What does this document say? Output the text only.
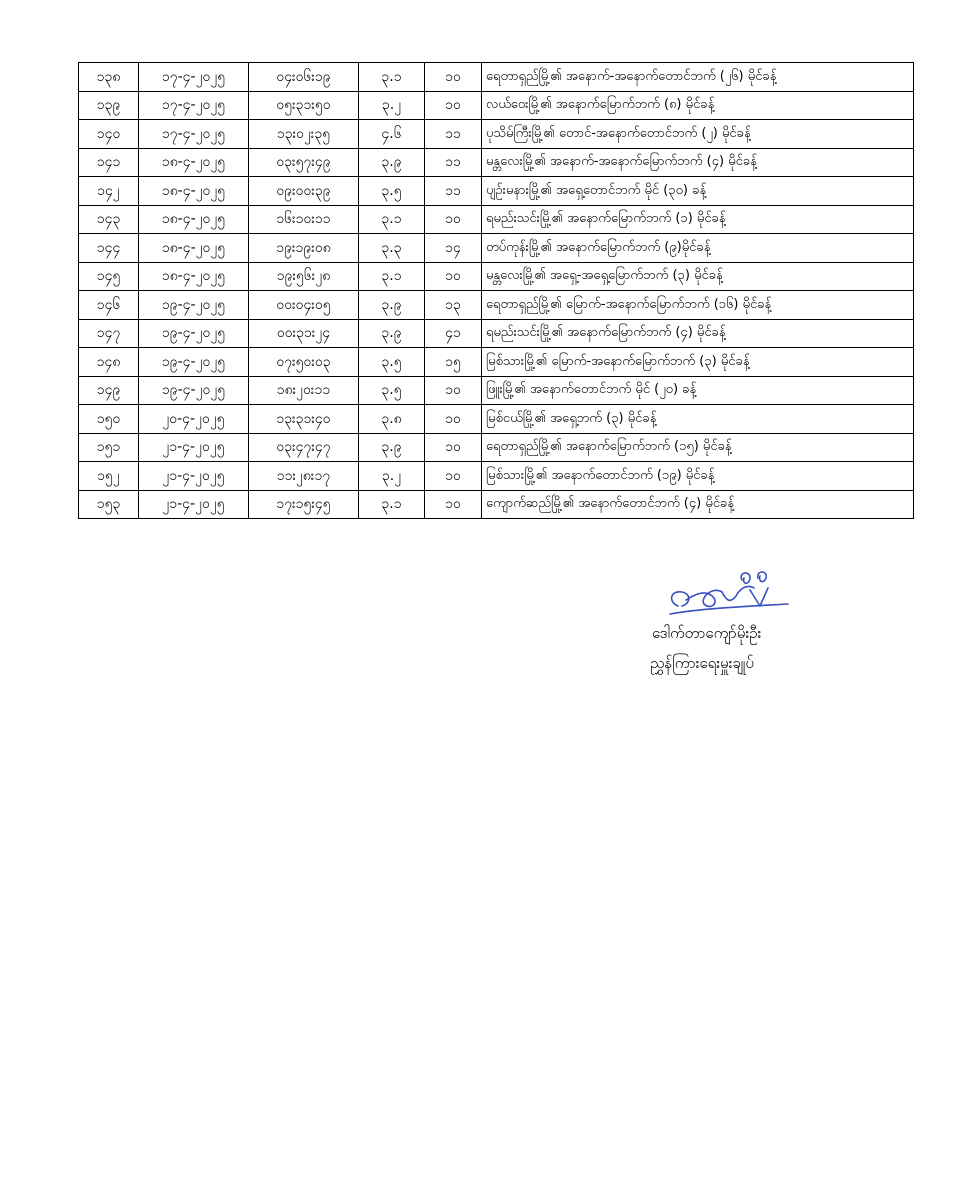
၁၃၈	၁၇-၄-၂၀၂၅	၀၄း၀၆း၁၉	၃.၁	၁၀	ရေတာရှည်မြို့၏ အနောက်-အနောက်တောင်ဘက် (၂၆) မိုင်ခန့်
၁၃၉	၁၇-၄-၂၀၂၅	၀၅း၃၁း၅၀	၃.၂	၁၀	လယ်ဝေးမြို့၏ အနောက်မြောက်ဘက် (၈) မိုင်ခန့်
၁၄၀	၁၇-၄-၂၀၂၅	၁၃း၀၂း၃၅	၄.၆	၁၁	ပုသိမ်ကြီးမြို့၏ တောင်-အနောက်တောင်ဘက် (၂) မိုင်ခန့်
၁၄၁	၁၈-၄-၂၀၂၅	၀၃း၅၇း၄၉	၃.၉	၁၁	မန္တလေးမြို့၏ အနောက်-အနောက်မြောက်ဘက် (၄) မိုင်ခန့်
၁၄၂	၁၈-၄-၂၀၂၅	၀၉း၀၀း၃၉	၃.၅	၁၁	ပျဉ်းမနားမြို့၏ အရှေ့တောင်ဘက် မိုင် (၃၀) ခန့်
၁၄၃	၁၈-၄-၂၀၂၅	၁၆း၁၀း၁၁	၃.၁	၁၀	ရမည်းသင်းမြို့၏ အနောက်မြောက်ဘက် (၁) မိုင်ခန့်
၁၄၄	၁၈-၄-၂၀၂၅	၁၉း၁၉း၀၈	၃.၃	၁၄	တပ်ကုန်းမြို့၏ အနောက်မြောက်ဘက် (၉)မိုင်ခန့်
၁၄၅	၁၈-၄-၂၀၂၅	၁၉း၅၆း၂၈	၃.၁	၁၀	မန္တလေးမြို့၏ အရှေ့-အရှေ့မြောက်ဘက် (၃) မိုင်ခန့်
၁၄၆	၁၉-၄-၂၀၂၅	၀၀း၀၄း၀၅	၃.၉	၁၃	ရေတာရှည်မြို့၏ မြောက်-အနောက်မြောက်ဘက် (၁၆) မိုင်ခန့်
၁၄၇	၁၉-၄-၂၀၂၅	၀၀း၃၁း၂၄	၃.၉	၄၁	ရမည်းသင်းမြို့၏ အနောက်မြောက်ဘက် (၄) မိုင်ခန့်
၁၄၈	၁၉-၄-၂၀၂၅	၀၇း၅၀း၀၃	၃.၅	၁၅	မြစ်သားမြို့၏ မြောက်-အနောက်မြောက်ဘက် (၃) မိုင်ခန့်
၁၄၉	၁၉-၄-၂၀၂၅	၁၈း၂၀း၁၁	၃.၅	၁၀	ဖြူးမြို့၏ အနောက်တောင်ဘက် မိုင် (၂၀) ခန့်
၁၅၀	၂၀-၄-၂၀၂၅	၁၃း၃၁း၄၀	၃.၈	၁၀	မြစ်ငယ်မြို့၏ အရှေ့ဘက် (၃) မိုင်ခန့်
၁၅၁	၂၁-၄-၂၀၂၅	၀၃း၄၇း၄၇	၃.၉	၁၀	ရေတာရှည်မြို့၏ အနောက်မြောက်ဘက် (၁၅) မိုင်ခန့်
၁၅၂	၂၁-၄-၂၀၂၅	၁၁း၂၈း၁၇	၃.၂	၁၀	မြစ်သားမြို့၏ အနောက်တောင်ဘက် (၁၉) မိုင်ခန့်
၁၅၃	၂၁-၄-၂၀၂၅	၁၇း၁၅း၄၅	၃.၁	၁၀	ကျောက်ဆည်မြို့၏ အနောက်တောင်ဘက် (၄) မိုင်ခန့်
ဒေါက်တာကျော်မိုးဦး
ညွှန်ကြားရေးမှူးချုပ်
